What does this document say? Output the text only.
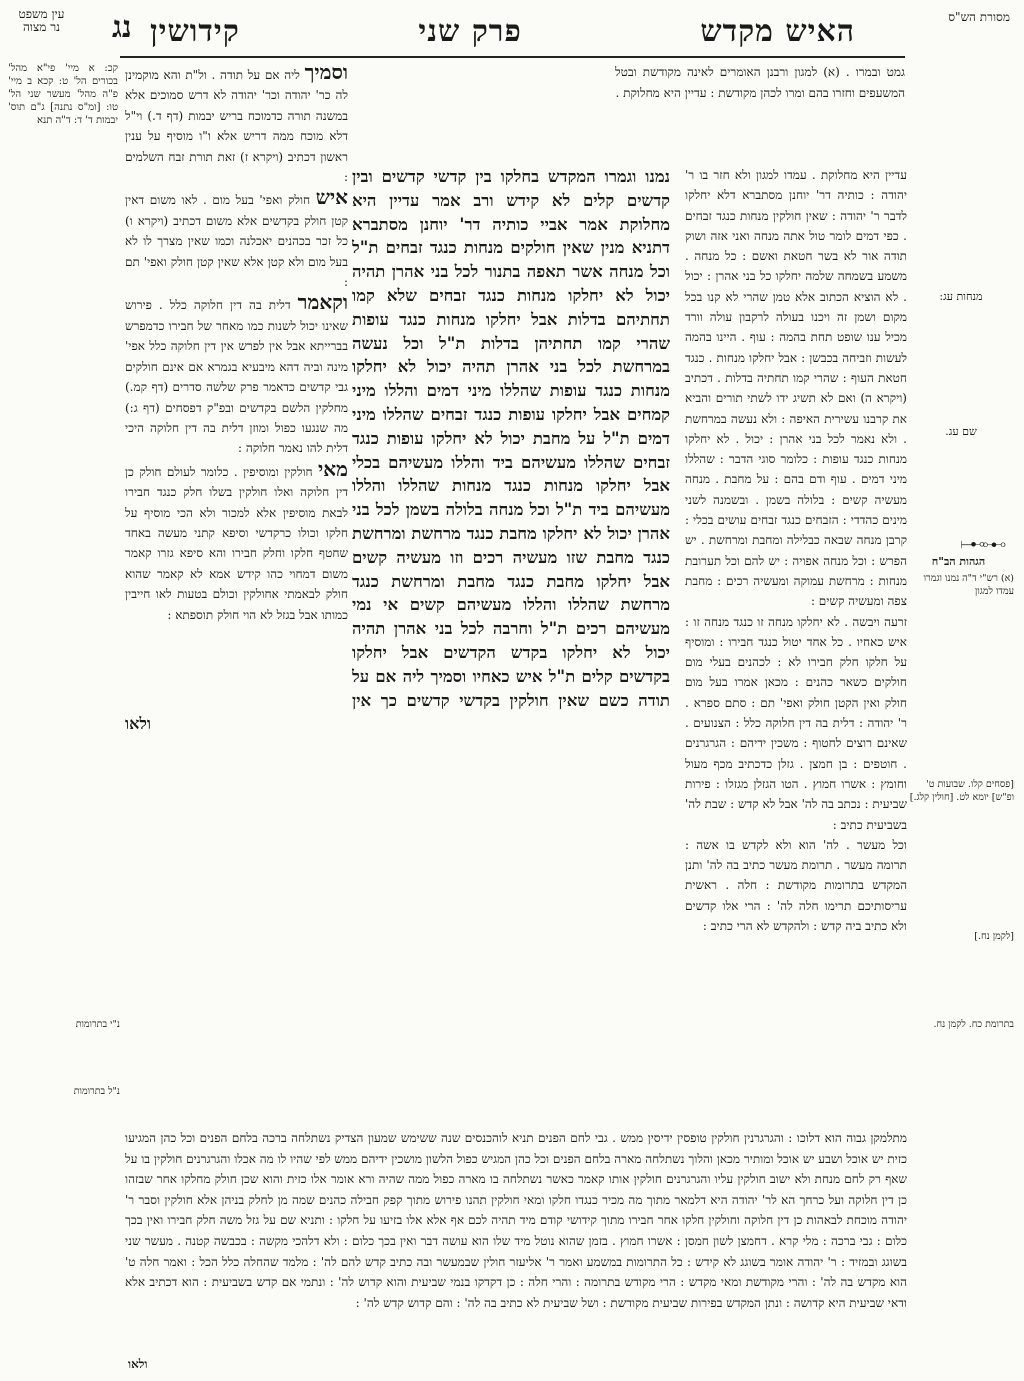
מסורת הש"ס
האיש מקדש
פרק שני
קידושין
נג
עין משפט נר מצוה

קכ: א מיי' פי"א מהל' בכורים הל' ט: קכא ב מיי' פ"ה מהל' מעשר שני הל' טו: [ומ"ס נתנה] ג"ם תוס' יבמות ד' ד: ד"ה תנא

נ"י בתרומות
נ"ל בתרומות

וסמיך ליה אם על תודה . ול"ת והא מוקמינן לה כר' יהודה וכר' יהודה לא דרש סמוכים אלא במשנה תורה כדמוכח בריש יבמות (דף ד.) וי"ל דלא מוכח ממה דריש אלא ו"ו מוסיף על ענין ראשון דכתיב (ויקרא ז) זאת תורת זבח השלמים :

איש חולק ואפי' בעל מום . לאו משום דאין קטן חולק בקדשים אלא משום דכתיב (ויקרא ו) כל זכר בכהנים יאכלנה וכמו שאין מצרך לו לא בעל מום ולא קטן אלא שאין קטן חולק ואפי' תם :

וקאמר דלית בה דין חלוקה כלל . פירוש שאינו יכול לשנות כמו מאחר של חבירו כדמפרש בברייתא אבל אין לפרש אין דין חלוקה כלל אפי' מינה וביה דהא מיבעיא בגמרא אם אינם חולקים גבי קדשים כדאמר פרק שלשה סדרים (דף קמ.) מחלקין הלשם בקדשים ובפ"ק דפסחים (דף ג:) מה שנגעו כפול ומוזן דלית בה דין חלוקה היכי דלית להו נאמר חלוקה :

מאי חולקין ומוסיפין . כלומר לעולם חולק כן דין חלוקה ואלו חולקין בשלו חלק כנגד חבירו לבאת מוסיפין אלא למכור ולא הכי מוסיף על חלקו וכולו כרקדשי וסיפא קתני מעשה באחד שחטף חלקו וחלק חבירו והא סיפא גזרו קאמר משום דמחוי כהו קידש אמא לא קאמר שהוא חולק לבאמתי אחולקין וכולם בטעות לאו חייבין כמותו אבל בגזל לא הוי חולק תוספתא :

גמט ובמרו . (א) למגון ורבנן האומרים לאינה מקודשת ובטל המשעפים וחזרו בהם ומרו לכהן מקודשת : עדיין היא מחלוקת .

נמנו וגמרו המקדש בחלקו בין קדשי קדשים ובין קדשים קלים לא קידש ורב אמר עדיין היא מחלוקת אמר אביי כותיה דר' יוחנן מסתברא דתניא מנין שאין חולקים מנחות כנגד זבחים ת"ל וכל מנחה אשר תאפה בתנור לכל בני אהרן תהיה יכול לא יחלקו מנחות כנגד זבחים שלא קמו תחתיהם בדלות אבל יחלקו מנחות כנגד עופות שהרי קמו תחתיהן בדלות ת"ל וכל נעשה במרחשת לכל בני אהרן תהיה יכול לא יחלקו מנחות כנגד עופות שהללו מיני דמים והללו מיני קמחים אבל יחלקו עופות כנגד זבחים שהללו מיני דמים ת"ל על מחבת יכול לא יחלקו עופות כנגד זבחים שהללו מעשיהם ביד והללו מעשיהם בכלי אבל יחלקו מנחות כנגד מנחות שהללו והללו מעשיהם ביד ת"ל וכל מנחה בלולה בשמן לכל בני אהרן יכול לא יחלקו מחבת כנגד מרחשת ומרחשת כנגד מחבת שזו מעשיה רכים וזו מעשיה קשים אבל יחלקו מחבת כנגד מחבת ומרחשת כנגד מרחשת שהללו והללו מעשיהם קשים אי נמי מעשיהם רכים ת"ל וחרבה לכל בני אהרן תהיה יכול לא יחלקו בקדש הקדשים אבל יחלקו בקדשים קלים ת"ל איש כאחיו וסמיך ליה אם על תודה כשם שאין חולקין בקדשי קדשים כך אין

עדיין היא מחלוקת . עמדו למגון ולא חזר בו ר' יהודה : כותיה דר' יוחנן מסתברא דלא יחלקו לדבר ר' יהודה : שאין חולקין מנחות כנגד זבחים . כפי דמים לומר טול אתה מנחה ואני אזה ושוק תודה אור לא בשר חטאת ואשם : כל מנחה . משמע בשמחה שלמה יחלקו כל בני אהרן : יכול . לא הוציא הכתוב אלא טמן שהרי לא קנו בכל מקום ושמן זה ויכנו בעולה לרקבון עולה וורד מכיל ענו שופט תחת בהמה : עוף . היינו בהמה לעשות וזביחה בכבשן : אבל יחלקו מנחות . כנגד חטאת העוף : שהרי קמו תחתיה בדלות . דכתיב (ויקרא ה) ואם לא תשיג ידו לשתי תורים והביא את קרבנו עשירית האיפה : ולא נעשה במרחשת . ולא נאמר לכל בני אהרן : יכול . לא יחלקו מנחות כנגד עופות : כלומר סוגי הדבר : שהללו מיני דמים . עוף ודם בהם : על מחבת . מנחה מעשיה קשים : בלולה בשמן . ובשמנה לשני מינים כהדדי : הזבחים כנגד זבחים עושים בכלי : קרבן מנחה שבאה כבלילה ומחבת ומרחשת . יש הפרש : וכל מנחה אפויה : יש להם וכל תערובת מנחות : מרחשת עמוקה ומעשיה רכים : מחבת צפה ומעשיה קשים :

זרעה ויבשה . לא יחלקו מנחה זו כנגד מנחה זו : איש כאחיו . כל אחד יטול כנגד חבירו : ומוסיף על חלקו חלק חבירו לא : לכהנים בעלי מום חולקים כשאר כהנים : מכאן אמרו בעל מום חולק ואין הקטן חולק ואפי' תם : סתם ספרא . ר' יהודה : דלית בה דין חלוקה כלל : הצנועים . שאינם רוצים לחטוף : משכין ידיהם : הגרגרנים . חוטפים : בן חמצן . גזלן כדכתיב מכף מעול וחומץ : אשרו חמוץ . הטו הגזלן מגזלו : פירות שביעית : נכתב בה לה' אבל לא קדש : שבת לה' בשביעית כתיב :

וכל מעשר . לה' הוא ולא לקדש בו אשה : תרומה מעשר . תרומת מעשר כתיב בה לה' ותנן המקדש בתרומות מקודשת : חלה . ראשית עריסותיכם תרימו חלה לה' : הרי אלו קדשים ולא כתיב ביה קדש : ולהקדש לא הרי כתיב :

ולאו

מתלמקן גבוה הוא דלוכו : והגרגרנין חולקין טופסין ידיסין ממש . גבי לחם הפנים תניא לוהכנסים שנה ששימש שמעון הצדיק נשתלחה ברכה בלחם הפנים וכל כהן המגיעו כזית יש אוכל ושבע יש אוכל ומותיר מכאן והלוך נשתלחה מארה בלחם הפנים וכל כהן המגיש כפול הלשון מושכין ידיהם ממש לפי שהיו לו מה אכלו והגרגרנים חולקין בו על שאף רק לחם מנחת ולא ישוב חולקין עליו והגרגרנים חולקין אותו קאמר כאשר נשתלחה בו מארה כפול ממה שהיה ורא אומר אלו כזית והוא שכן חולק מחלקו אחר שבזהו כן דין חלוקה ועל כרחך הא לר' יהודה היא דלמאר מתוך מה מכיר כנגדו חלקו ומאי חולקין תהנו פירוש מתוך קפק חבילה כהנים שמה מן לחלק בניהן אלא חולקין וסבר ר' יהודה מוכחת לבאהות כן דין חלוקה וחולקין חלקו אחר חבירו מתוך קידושי קודם מיד תהיה לכם אף אלא אלו בזיעו על חלקו : ותניא שם על גזל משה חלק חבירו ואין בכך כלום : גבי ברכה : מלי קרא . דחמצן לשון חמסן : אשרו חמוץ . בזמן שהוא נוטל מיד שלו הוא עושה דבר ואין בכך כלום : ולא דלהכי מקשה : בכבשה קטנה . מעשר שני בשוגג ובמזיד : ר' יהודה אומר בשוגג לא קידש : כל התרומות במשמע ואמר ר' אליעזר חולין שבמעשר ובה כתיב קדש להם לה' : מלמד שהחלה כלל הכל : ואמר חלה ט' הוא מקדש בה לה' : והרי מקודשת ומאי מקדש : הרי מקודש בתרומה : והרי חלה : כן דקדקו בנמי שביעית והוא קדוש לה' : ונתמי אם קדש בשביעית : הוא דכתיב אלא ודאי שביעית היא קדושה : ונתן המקדש בפירות שביעית מקודשת : ושל שביעית לא כתיב בה לה' : והם קדוש קדש לה' :

ולאו
מנחות עג:
שם עג.
⟜⊷⊶⟞
הגהות הב"ח
(א) רש"י ד"ה נמנו וגמרו עמדו למגון
[פסחים קלו. שבועות ט' ופ"ש] יומא לט. [חולין קלג.]
[לקמן נח.]
בתרומת כח. לקמן נח.
